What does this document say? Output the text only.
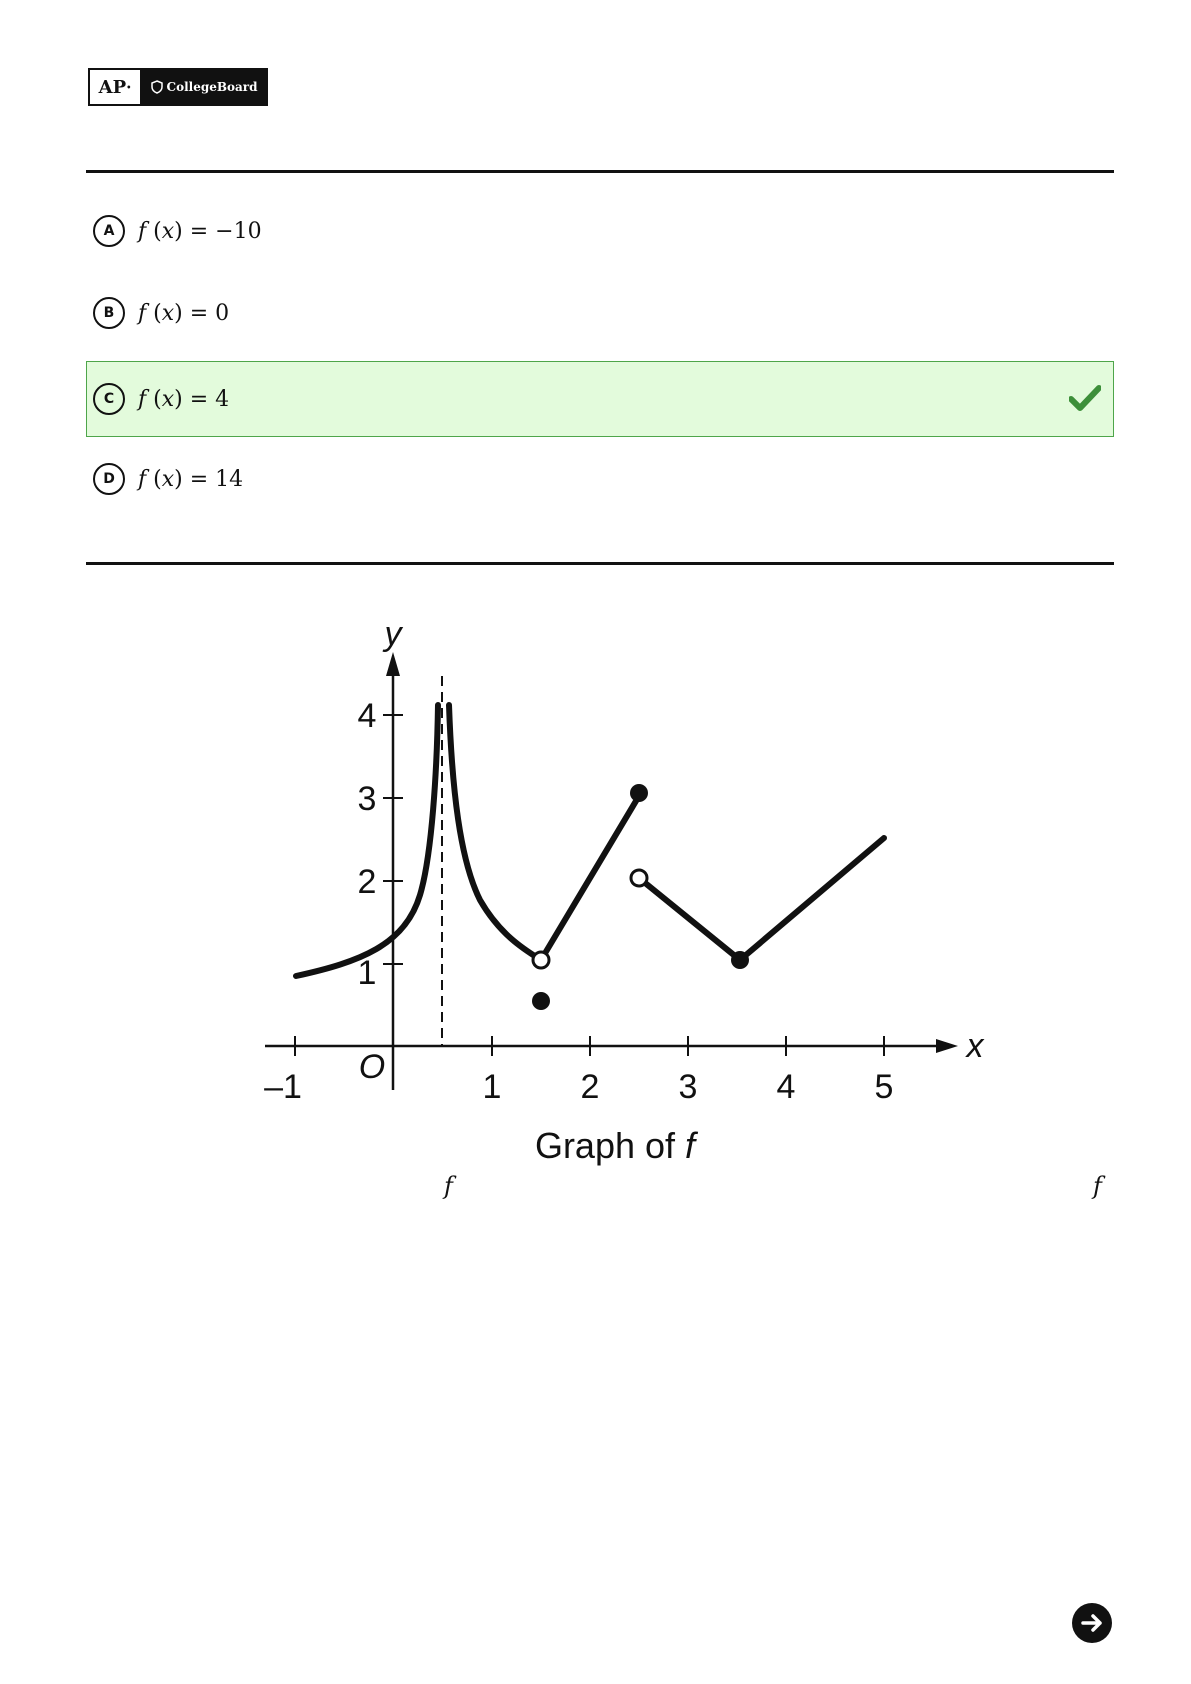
AP •	CollegeBoard
A	f (x) = −10
B	f (x) = 0
C	f (x) = 4
D	f (x) = 14
–1	1 2 3 4 5
1
2
3
4
O
y
x
Graph of f
f	f
